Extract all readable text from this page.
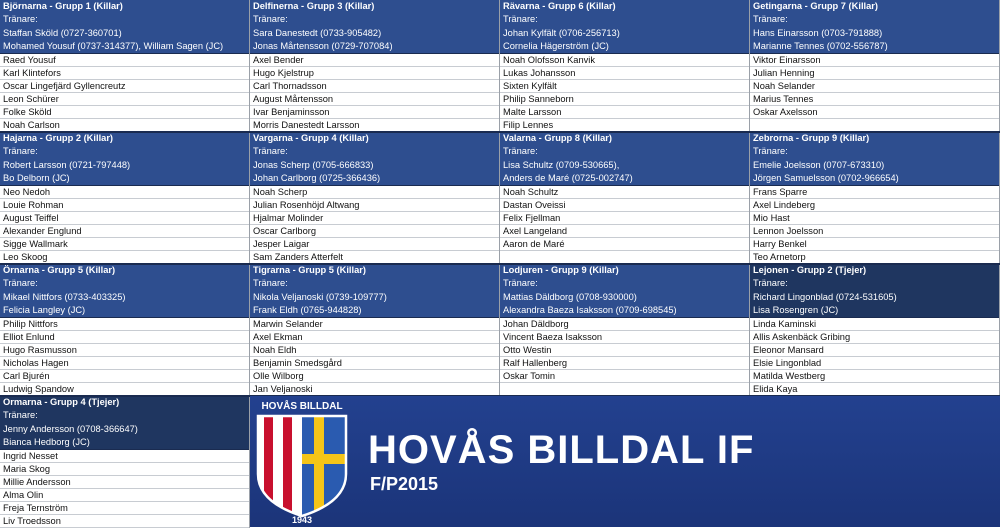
Björnarna - Grupp 1 (Killar)
Tränare:
Staffan Sköld (0727-360701)
Mohamed Yousuf (0737-314377), William Sagen (JC)
Raed Yousuf
Karl Klintefors
Oscar Lingefjärd Gyllencreutz
Leon Schürer
Folke Sköld
Noah Carlson
Delfinerna - Grupp 3 (Killar)
Tränare:
Sara Danestedt (0733-905482)
Jonas Mårtensson (0729-707084)
Axel Bender
Hugo Kjelstrup
Carl Thornadsson
August Mårtensson
Ivar Benjaminsson
Morris Danestedt Larsson
Rävarna - Grupp 6 (Killar)
Tränare:
Johan Kylfält (0706-256713)
Cornelia Hägerström (JC)
Noah Olofsson Kanvik
Lukas Johansson
Sixten Kylfält
Philip Sanneborn
Malte Larsson
Filip Lennes
Getingarna - Grupp 7 (Killar)
Tränare:
Hans Einarsson (0703-791888)
Marianne Tennes (0702-556787)
Viktor Einarsson
Julian Henning
Noah Selander
Marius Tennes
Oskar Axelsson
Hajarna - Grupp 2 (Killar)
Tränare:
Robert Larsson (0721-797448)
Bo Delborn (JC)
Neo Nedoh
Louie Rohman
August Teiffel
Alexander Englund
Sigge Wallmark
Leo Skoog
Vargarna - Grupp 4 (Killar)
Tränare:
Jonas Scherp (0705-666833)
Johan Carlborg (0725-366436)
Noah Scherp
Julian Rosenhöjd Altwang
Hjalmar Molinder
Oscar Carlborg
Jesper Laigar
Sam Zanders Atterfelt
Valarna - Grupp 8 (Killar)
Tränare:
Lisa Schultz (0709-530665),
Anders de Maré (0725-002747)
Noah Schultz
Dastan Oveissi
Felix Fjellman
Axel Langeland
Aaron de Maré
Zebrorna - Grupp 9 (Killar)
Tränare:
Emelie Joelsson (0707-673310)
Jörgen Samuelsson (0702-966654)
Frans Sparre
Axel Lindeberg
Mio Hast
Lennon Joelsson
Harry Benkel
Teo Arnetorp
Örnarna - Grupp 5 (Killar)
Tränare:
Mikael Nittfors (0733-403325)
Felicia Langley (JC)
Philip Nittfors
Elliot Enlund
Hugo Rasmusson
Nicholas Hagen
Carl Bjurén
Ludwig Spandow
Tigrarna - Grupp 5 (Killar)
Tränare:
Nikola Veljanoski (0739-109777)
Frank Eldh (0765-944828)
Marwin Selander
Axel Ekman
Noah Eldh
Benjamin Smedsgård
Olle Wilborg
Jan Veljanoski
Lodjuren - Grupp 9 (Killar)
Tränare:
Mattias Däldborg (0708-930000)
Alexandra Baeza Isaksson (0709-698545)
Johan Däldborg
Vincent Baeza Isaksson
Otto Westin
Ralf Hallenberg
Oskar Tomin
Lejonen - Grupp 2 (Tjejer)
Tränare:
Richard Lingonblad (0724-531605)
Lisa Rosengren (JC)
Linda Kaminski
Allis Askenbäck Gribing
Eleonor Mansard
Elsie Lingonblad
Matilda Westberg
Elida Kaya
Ormarna - Grupp 4 (Tjejer)
Tränare:
Jenny Andersson (0708-366647)
Bianca Hedborg (JC)
Ingrid Nesset
Maria Skog
Millie Andersson
Alma Olin
Freja Ternström
Liv Troedsson
HOVÅS BILLDAL
1943
HOVÅS BILLDAL IF
F/P2015
